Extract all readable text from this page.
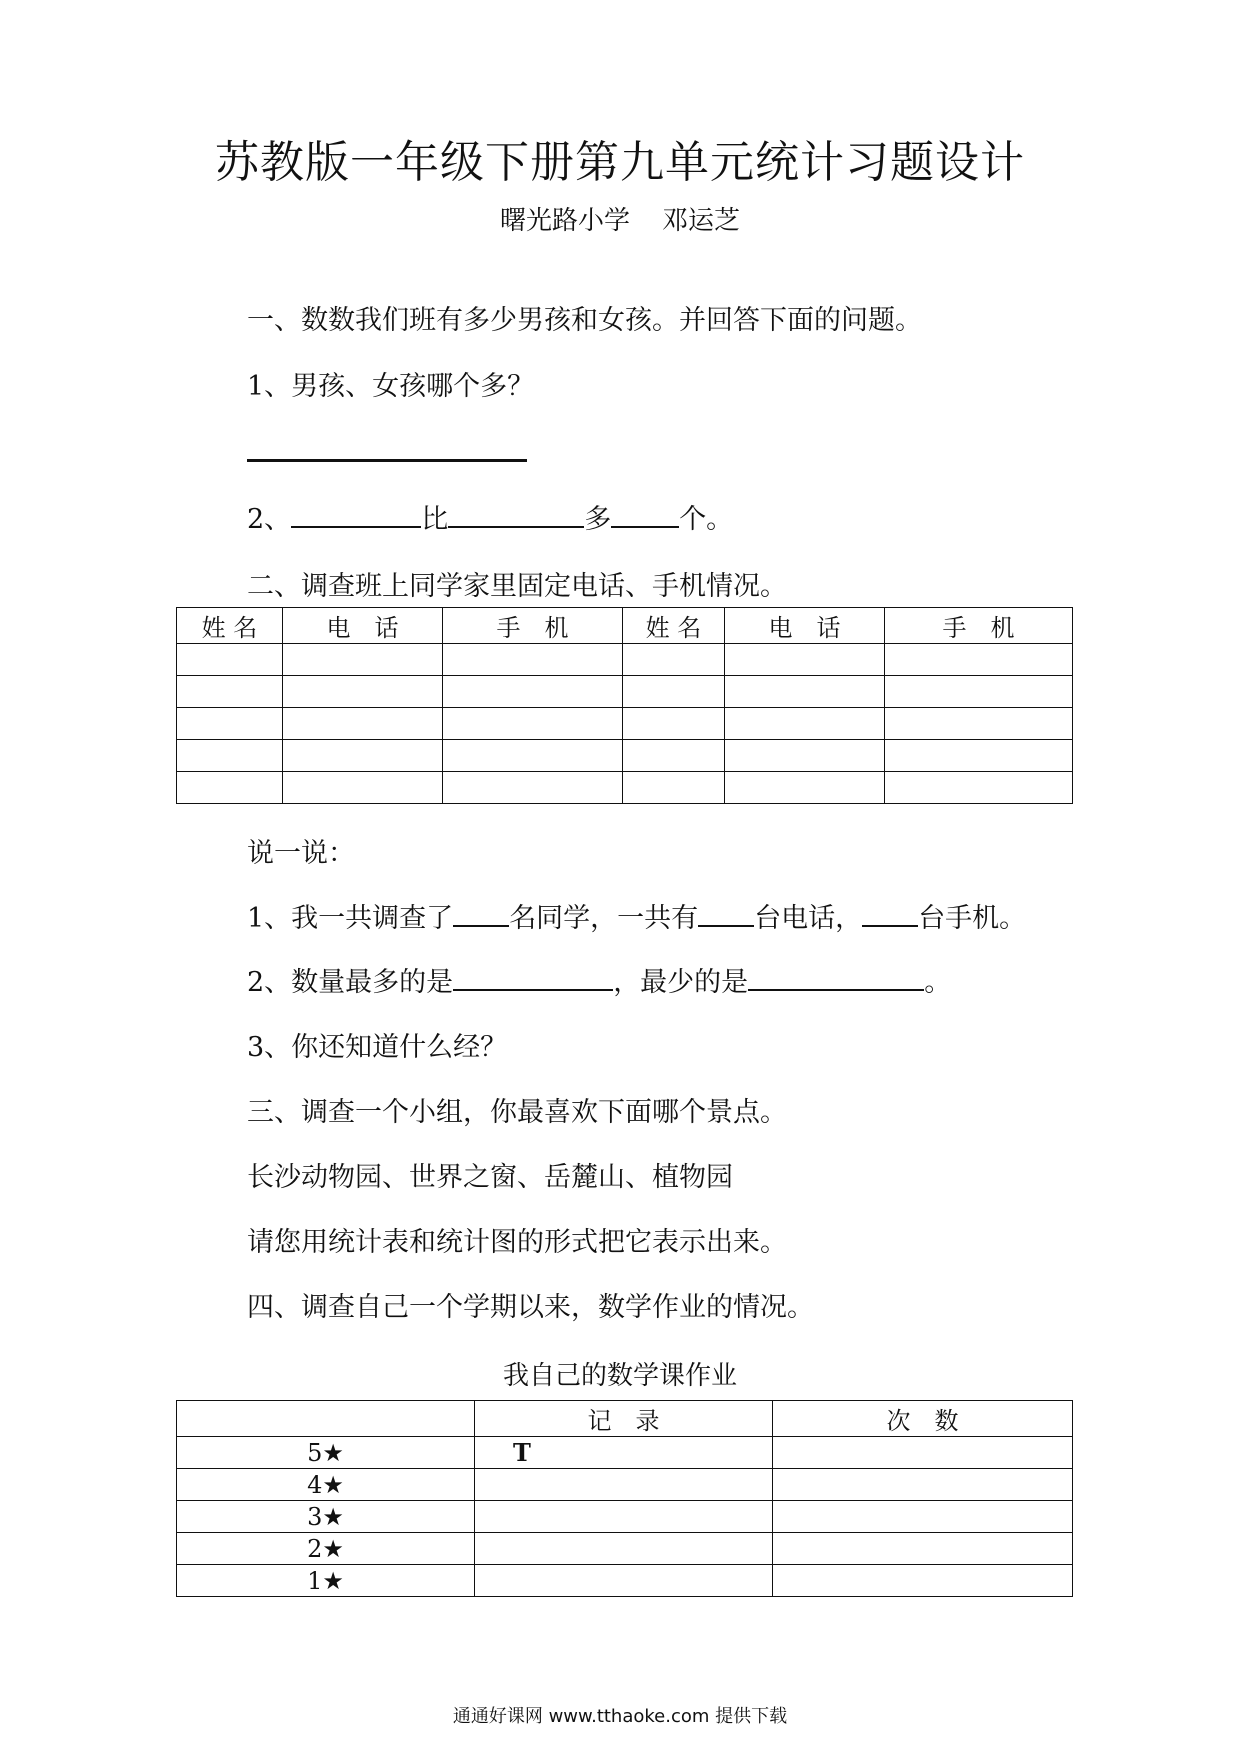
苏教版一年级下册第九单元统计习题设计
曙光路小学 邓运芝
一、数数我们班有多少男孩和女孩。并回答下面的问题。
1、男孩、女孩哪个多？
2、	比	多	个。
二、调查班上同学家里固定电话、手机情况。
姓 名	电　话	手　机	姓 名	电　话	手　机

说一说：
1、我一共调查了 名同学，一共有 台电话， 台手机。
2、数量最多的是	，最少的是	。
3、你还知道什么经？
三、调查一个小组，你最喜欢下面哪个景点。
长沙动物园、世界之窗、岳麓山、植物园
请您用统计表和统计图的形式把它表示出来。
四、调查自己一个学期以来，数学作业的情况。
我自己的数学课作业
	记　录	次　数
5★	T	
4★		
3★		
2★		
1★		
通通好课网 www.tthaoke.com 提供下载
